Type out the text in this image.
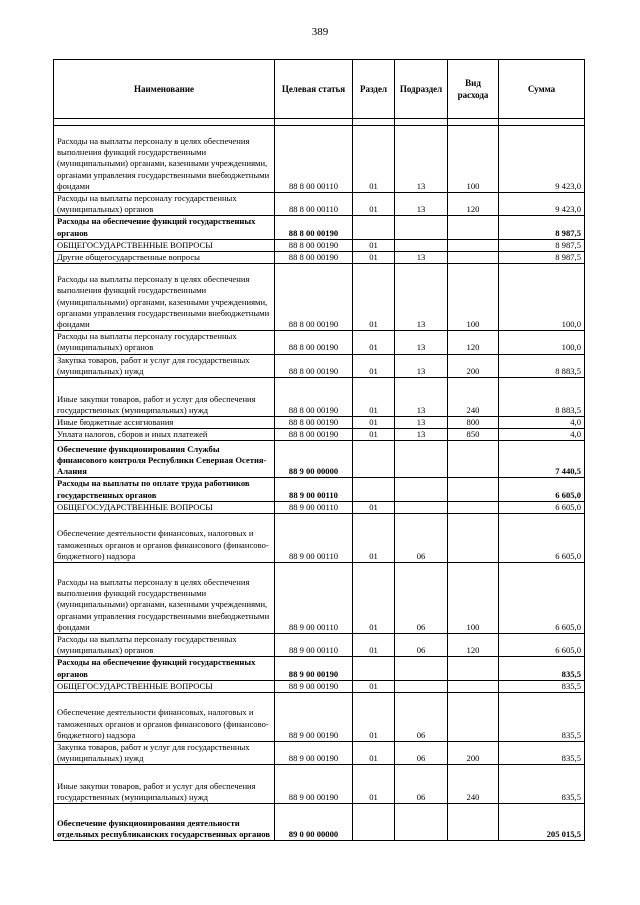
389
Наименование	Целевая статья	Раздел	Подраздел	Вид расхода	Сумма

Расходы на выплаты персоналу в целях обеспечения выполнения функций государственными (муниципальными) органами, казенными учреждениями, органами управления государственными внебюджетными фондами	88 8 00 00110	01	13	100	9 423,0
Расходы на выплаты персоналу государственных (муниципальных) органов	88 8 00 00110	01	13	120	9 423,0
Расходы на обеспечение функций государственных органов	88 8 00 00190				8 987,5
ОБЩЕГОСУДАРСТВЕННЫЕ ВОПРОСЫ	88 8 00 00190	01			8 987,5
Другие общегосударственные вопросы	88 8 00 00190	01	13		8 987,5
Расходы на выплаты персоналу в целях обеспечения выполнения функций государственными (муниципальными) органами, казенными учреждениями, органами управления государственными внебюджетными фондами	88 8 00 00190	01	13	100	100,0
Расходы на выплаты персоналу государственных (муниципальных) органов	88 8 00 00190	01	13	120	100,0
Закупка товаров, работ и услуг для государственных (муниципальных) нужд	88 8 00 00190	01	13	200	8 883,5
Иные закупки товаров, работ и услуг для обеспечения государственных (муниципальных) нужд	88 8 00 00190	01	13	240	8 883,5
Иные бюджетные ассигнования	88 8 00 00190	01	13	800	4,0
Уплата налогов, сборов и иных платежей	88 8 00 00190	01	13	850	4,0
Обеспечение функционирования Службы финансового контроля Республики Северная Осетия-Алания	88 9 00 00000				7 440,5
Расходы на выплаты по оплате труда работников государственных органов	88 9 00 00110				6 605,0
ОБЩЕГОСУДАРСТВЕННЫЕ ВОПРОСЫ	88 9 00 00110	01			6 605,0
Обеспечение деятельности финансовых, налоговых и таможенных органов и органов финансового (финансово-бюджетного) надзора	88 9 00 00110	01	06		6 605,0
Расходы на выплаты персоналу в целях обеспечения выполнения функций государственными (муниципальными) органами, казенными учреждениями, органами управления государственными внебюджетными фондами	88 9 00 00110	01	06	100	6 605,0
Расходы на выплаты персоналу государственных (муниципальных) органов	88 9 00 00110	01	06	120	6 605,0
Расходы на обеспечение функций государственных органов	88 9 00 00190				835,5
ОБЩЕГОСУДАРСТВЕННЫЕ ВОПРОСЫ	88 9 00 00190	01			835,5
Обеспечение деятельности финансовых, налоговых и таможенных органов и органов финансового (финансово-бюджетного) надзора	88 9 00 00190	01	06		835,5
Закупка товаров, работ и услуг для государственных (муниципальных) нужд	88 9 00 00190	01	06	200	835,5
Иные закупки товаров, работ и услуг для обеспечения государственных (муниципальных) нужд	88 9 00 00190	01	06	240	835,5
Обеспечение функционирования деятельности отдельных республиканских государственных органов	89 0 00 00000				205 015,5
